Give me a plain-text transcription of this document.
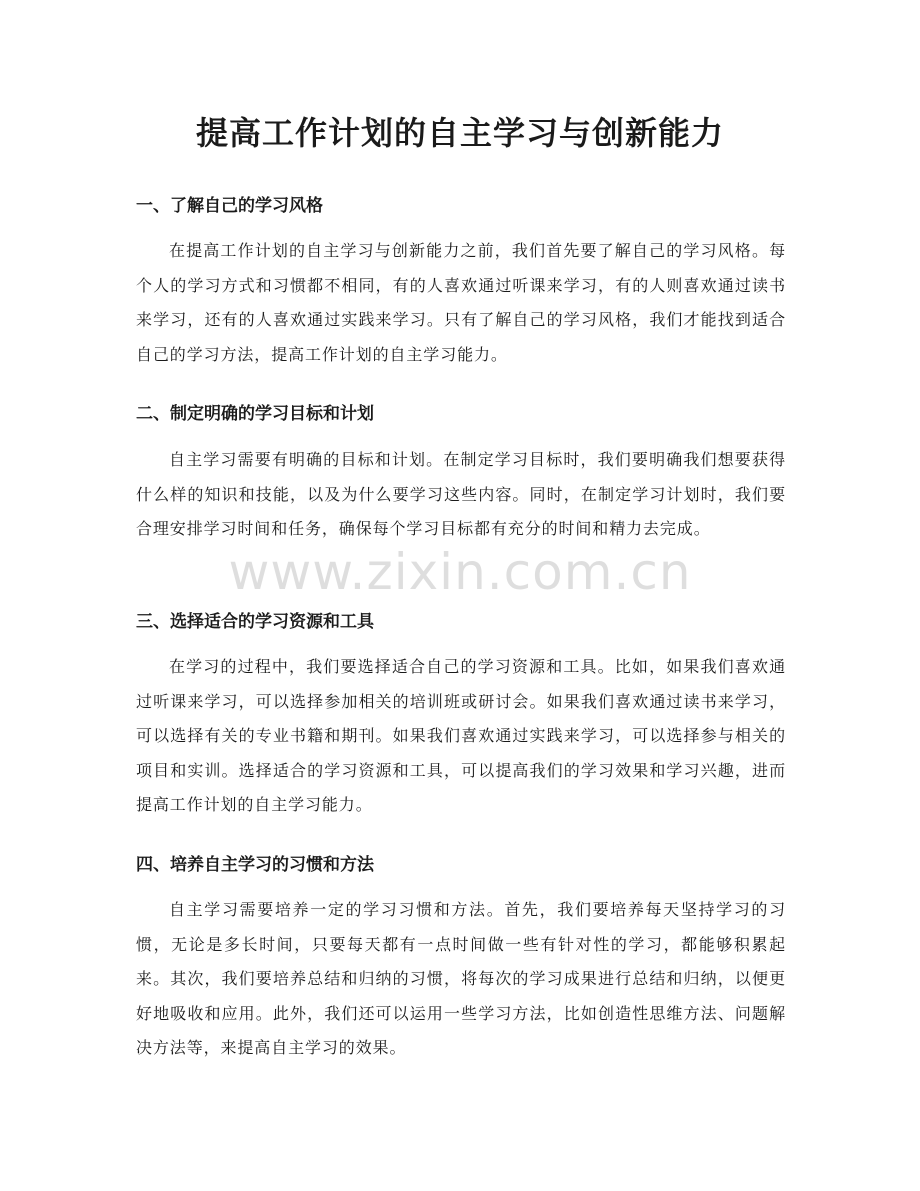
提高工作计划的自主学习与创新能力
一、了解自己的学习风格

在提高工作计划的自主学习与创新能力之前，我们首先要了解自己的学习风格。每个人的学习方式和习惯都不相同，有的人喜欢通过听课来学习，有的人则喜欢通过读书来学习，还有的人喜欢通过实践来学习。只有了解自己的学习风格，我们才能找到适合自己的学习方法，提高工作计划的自主学习能力。

二、制定明确的学习目标和计划

自主学习需要有明确的目标和计划。在制定学习目标时，我们要明确我们想要获得什么样的知识和技能，以及为什么要学习这些内容。同时，在制定学习计划时，我们要合理安排学习时间和任务，确保每个学习目标都有充分的时间和精力去完成。

三、选择适合的学习资源和工具

在学习的过程中，我们要选择适合自己的学习资源和工具。比如，如果我们喜欢通过听课来学习，可以选择参加相关的培训班或研讨会。如果我们喜欢通过读书来学习，可以选择有关的专业书籍和期刊。如果我们喜欢通过实践来学习，可以选择参与相关的项目和实训。选择适合的学习资源和工具，可以提高我们的学习效果和学习兴趣，进而提高工作计划的自主学习能力。

四、培养自主学习的习惯和方法

自主学习需要培养一定的学习习惯和方法。首先，我们要培养每天坚持学习的习惯，无论是多长时间，只要每天都有一点时间做一些有针对性的学习，都能够积累起来。其次，我们要培养总结和归纳的习惯，将每次的学习成果进行总结和归纳，以便更好地吸收和应用。此外，我们还可以运用一些学习方法，比如创造性思维方法、问题解决方法等，来提高自主学习的效果。

www.zixin.com.cn
